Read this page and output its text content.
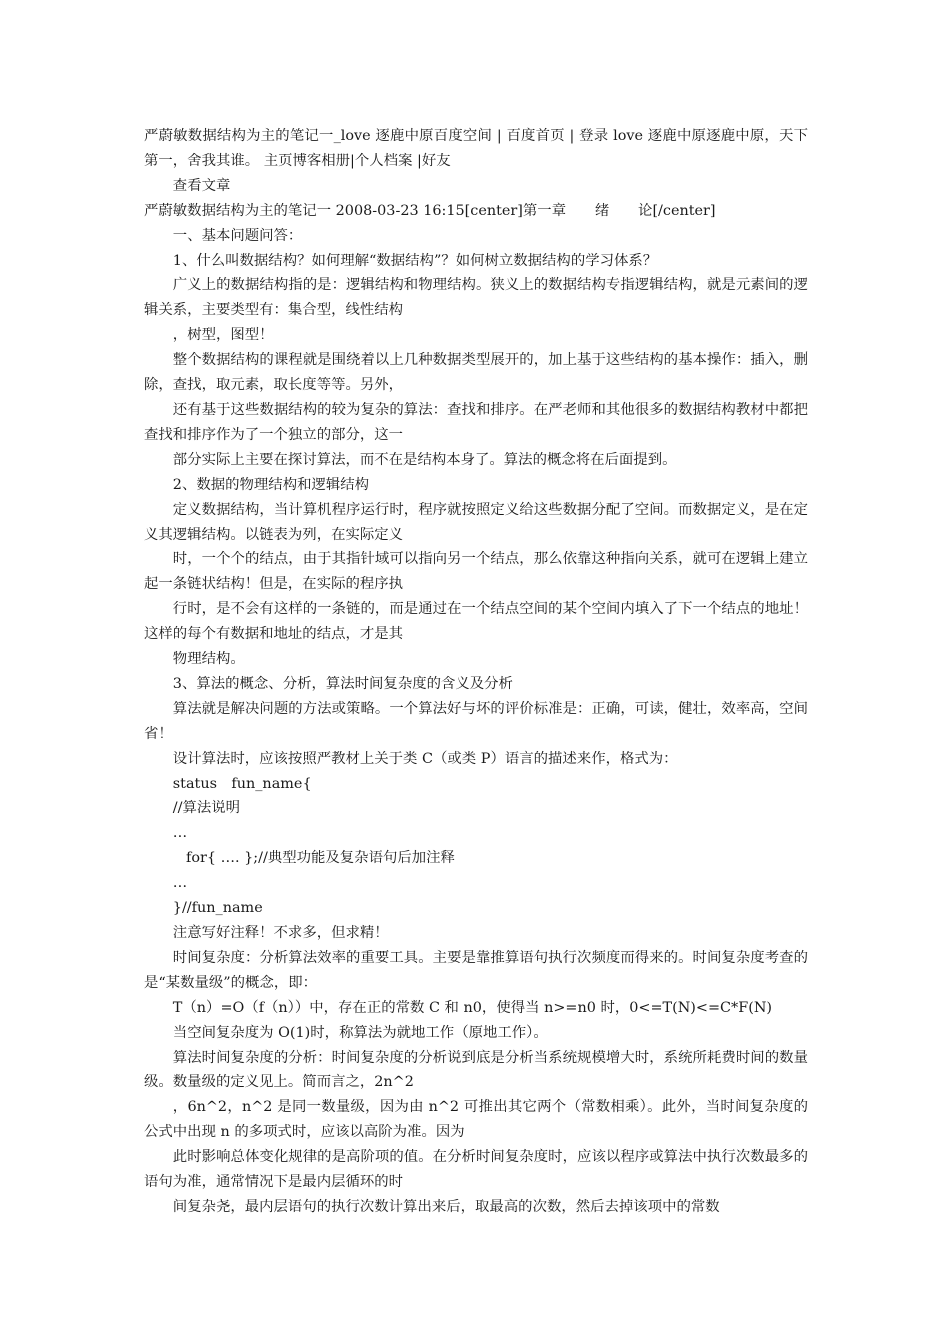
严蔚敏数据结构为主的笔记一_love 逐鹿中原百度空间 | 百度首页 | 登录 love 逐鹿中原逐鹿中原，天下第一，舍我其谁。 主页博客相册|个人档案 |好友

查看文章

严蔚敏数据结构为主的笔记一 2008-03-23 16:15[center]第一章　　绪　　论[/center]

一、基本问题问答：

1、什么叫数据结构？如何理解“数据结构”？如何树立数据结构的学习体系？

广义上的数据结构指的是：逻辑结构和物理结构。狭义上的数据结构专指逻辑结构，就是元素间的逻辑关系，主要类型有：集合型，线性结构

，树型，图型！

整个数据结构的课程就是围绕着以上几种数据类型展开的，加上基于这些结构的基本操作：插入，删除，查找，取元素，取长度等等。另外，

还有基于这些数据结构的较为复杂的算法：查找和排序。在严老师和其他很多的数据结构教材中都把查找和排序作为了一个独立的部分，这一

部分实际上主要在探讨算法，而不在是结构本身了。算法的概念将在后面提到。

2、数据的物理结构和逻辑结构

定义数据结构，当计算机程序运行时，程序就按照定义给这些数据分配了空间。而数据定义，是在定义其逻辑结构。以链表为列，在实际定义

时，一个个的结点，由于其指针域可以指向另一个结点，那么依靠这种指向关系，就可在逻辑上建立起一条链状结构！但是，在实际的程序执

行时，是不会有这样的一条链的，而是通过在一个结点空间的某个空间内填入了下一个结点的地址！这样的每个有数据和地址的结点，才是其

物理结构。

3、算法的概念、分析，算法时间复杂度的含义及分析

算法就是解决问题的方法或策略。一个算法好与坏的评价标准是：正确，可读，健壮，效率高，空间省！

设计算法时，应该按照严教材上关于类 C（或类 P）语言的描述来作，格式为：

status　fun_name{

//算法说明

…

for{ …. };//典型功能及复杂语句后加注释

…

}//fun_name

注意写好注释！不求多，但求精！

时间复杂度：分析算法效率的重要工具。主要是靠推算语句执行次频度而得来的。时间复杂度考查的是“某数量级”的概念，即：

T（n）=O（f（n））中，存在正的常数 C 和 n0，使得当 n>=n0 时，0<=T(N)<=C*F(N)

当空间复杂度为 O(1)时，称算法为就地工作（原地工作）。

算法时间复杂度的分析：时间复杂度的分析说到底是分析当系统规模增大时，系统所耗费时间的数量级。数量级的定义见上。简而言之，2n^2

，6n^2，n^2 是同一数量级，因为由 n^2 可推出其它两个（常数相乘）。此外，当时间复杂度的公式中出现 n 的多项式时，应该以高阶为准。因为

此时影响总体变化规律的是高阶项的值。在分析时间复杂度时，应该以程序或算法中执行次数最多的语句为准，通常情况下是最内层循环的时

间复杂尧，最内层语句的执行次数计算出来后，取最高的次数，然后去掉该项中的常数
